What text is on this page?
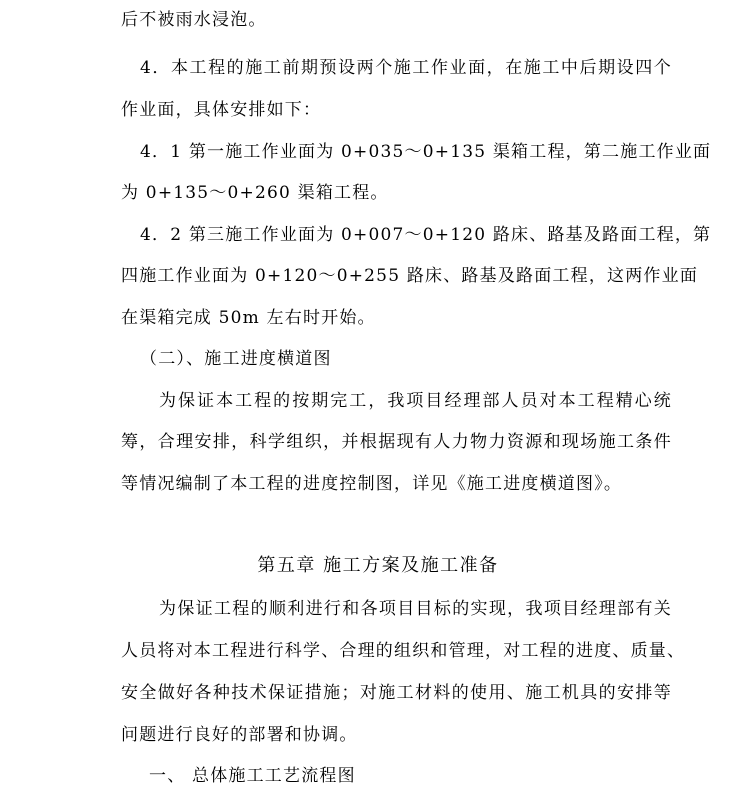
后不被雨水浸泡。
4．本工程的施工前期预设两个施工作业面，在施工中后期设四个
作业面，具体安排如下：
4．1 第一施工作业面为 0+035～0+135 渠箱工程，第二施工作业面
为 0+135～0+260 渠箱工程。
4．2 第三施工作业面为 0+007～0+120 路床、路基及路面工程，第
四施工作业面为 0+120～0+255 路床、路基及路面工程，这两作业面
在渠箱完成 50m 左右时开始。
（二）、施工进度横道图
为保证本工程的按期完工，我项目经理部人员对本工程精心统
筹，合理安排，科学组织，并根据现有人力物力资源和现场施工条件
等情况编制了本工程的进度控制图，详见《施工进度横道图》。
第五章 施工方案及施工准备
为保证工程的顺利进行和各项目目标的实现，我项目经理部有关
人员将对本工程进行科学、合理的组织和管理，对工程的进度、质量、
安全做好各种技术保证措施；对施工材料的使用、施工机具的安排等
问题进行良好的部署和协调。
一、 总体施工工艺流程图
